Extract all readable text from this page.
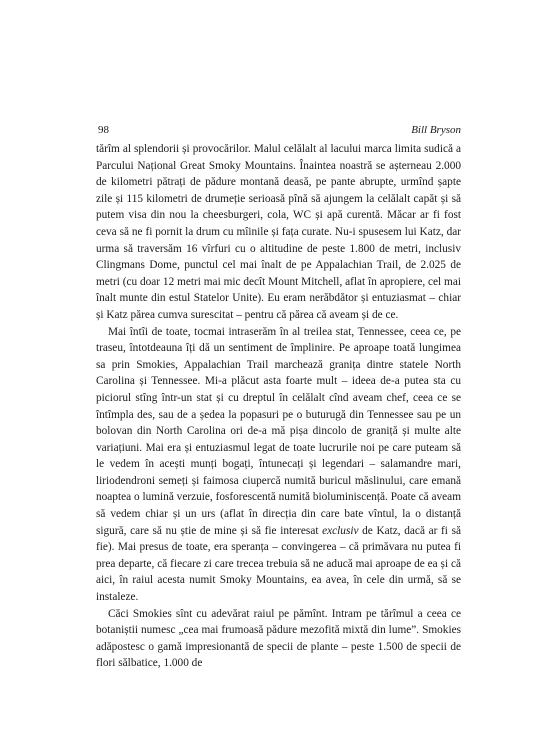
98	Bill Bryson

tărîm al splendorii și provocărilor. Malul celălalt al lacului marca limita sudică a Parcului Național Great Smoky Mountains. Înaintea noastră se așterneau 2.000 de kilometri pătrați de pădure montană deasă, pe pante abrupte, urmînd șapte zile și 115 kilometri de drumeție serioasă pînă să ajungem la celălalt capăt și să putem visa din nou la cheesburgeri, cola, WC și apă curentă. Măcar ar fi fost ceva să ne fi pornit la drum cu mîinile și fața curate. Nu-i spusesem lui Katz, dar urma să traversăm 16 vîrfuri cu o altitudine de peste 1.800 de metri, inclusiv Clingmans Dome, punctul cel mai înalt de pe Appalachian Trail, de 2.025 de metri (cu doar 12 metri mai mic decît Mount Mitchell, aflat în apropiere, cel mai înalt munte din estul Statelor Unite). Eu eram nerăbdător și entuziasmat – chiar și Katz părea cumva surescitat – pentru că părea că aveam și de ce.

Mai întîi de toate, tocmai intraserăm în al treilea stat, Tennessee, ceea ce, pe traseu, întotdeauna îți dă un sentiment de împlinire. Pe aproape toată lungimea sa prin Smokies, Appalachian Trail marchează granița dintre statele North Carolina și Tennessee. Mi-a plăcut asta foarte mult – ideea de-a putea sta cu piciorul stîng într-un stat și cu dreptul în celălalt cînd aveam chef, ceea ce se întîmpla des, sau de a ședea la popasuri pe o buturugă din Tennessee sau pe un bolovan din North Carolina ori de-a mă pișa dincolo de graniță și multe alte variațiuni. Mai era și entuziasmul legat de toate lucrurile noi pe care puteam să le vedem în acești munți bogați, întunecați și legendari – salamandre mari, liriodendroni semeți și faimosa ciupercă numită buricul măslinului, care emană noaptea o lumină verzuie, fosforescentă numită bioluminiscență. Poate că aveam să vedem chiar și un urs (aflat în direcția din care bate vîntul, la o distanță sigură, care să nu știe de mine și să fie interesat exclusiv de Katz, dacă ar fi să fie). Mai presus de toate, era speranța – convingerea – că primăvara nu putea fi prea departe, că fiecare zi care trecea trebuia să ne aducă mai aproape de ea și că aici, în raiul acesta numit Smoky Mountains, ea avea, în cele din urmă, să se instaleze.

Căci Smokies sînt cu adevărat raiul pe pămînt. Intram pe tărîmul a ceea ce botaniștii numesc „cea mai frumoasă pădure mezofită mixtă din lume”. Smokies adăpostesc o gamă impresionantă de specii de plante – peste 1.500 de specii de flori sălbatice, 1.000 de
